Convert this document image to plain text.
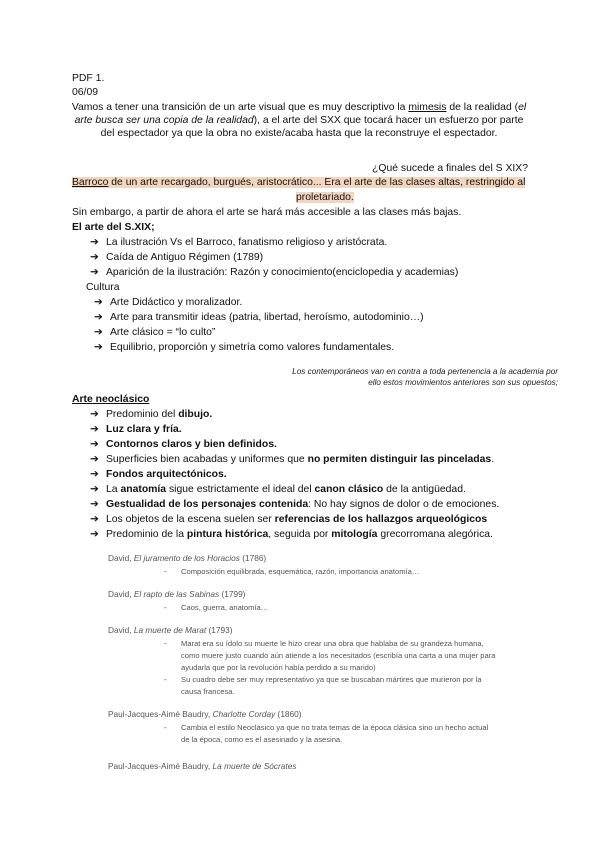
PDF 1.
06/09
Vamos a tener una transición de un arte visual que es muy descriptivo la mimesis de la realidad (el arte busca ser una copia de la realidad), a el arte del SXX que tocará hacer un esfuerzo por parte del espectador ya que la obra no existe/acaba hasta que la reconstruye el espectador.
¿Qué sucede a finales del S XIX?
Barroco de un arte recargado, burgués, aristocrático... Era el arte de las clases altas, restringido al
proletariado.
Sin embargo, a partir de ahora el arte se hará más accesible a las clases más bajas.
El arte del S.XIX;
➔ La ilustración Vs el Barroco, fanatismo religioso y aristócrata.
➔ Caída de Antiguo Régimen (1789)
➔ Aparición de la ilustración: Razón y conocimiento(enciclopedia y academias)
Cultura
➔ Arte Didáctico y moralizador.
➔ Arte para transmitir ideas (patria, libertad, heroísmo, autodominio…)
➔ Arte clásico = “lo culto”
➔ Equilibrio, proporción y simetría como valores fundamentales.
Los contemporáneos van en contra a toda pertenencia a la academia por
ello estos movimientos anteriores son sus opuestos;
Arte neoclásico
➔ Predominio del dibujo.
➔ Luz clara y fría.
➔ Contornos claros y bien definidos.
➔ Superficies bien acabadas y uniformes que no permiten distinguir las pinceladas.
➔ Fondos arquitectónicos.
➔ La anatomía sigue estrictamente el ideal del canon clásico de la antigüedad.
➔ Gestualidad de los personajes contenida: No hay signos de dolor o de emociones.
➔ Los objetos de la escena suelen ser referencias de los hallazgos arqueológicos
➔ Predominio de la pintura histórica, seguida por mitología grecorromana alegórica.
David, El juramento de los Horacios (1786)
- Composición equilibrada, esquemática, razón, importancia anatomía…
David, El rapto de las Sabinas (1799)
- Caos, guerra, anatomía…
David, La muerte de Marat (1793)
- Marat era su ídolo su muerte le hizo crear una obra que hablaba de su grandeza humana,
como muere justo cuando aún atiende a los necesitados (escribía una carta a una mujer para
ayudarla que por la revolución había perdido a su marido)
- Su cuadro debe ser muy representativo ya que se buscaban mártires que murieron por la
causa francesa.
Paul-Jacques-Aimé Baudry, Charlotte Corday (1860)
- Cambia el estilo Neoclásico ya que no trata temas de la época clásica sino un hecho actual
de la época, como es el asesinado y la asesina.
Paul-Jacques-Aimé Baudry, La muerte de Sócrates
